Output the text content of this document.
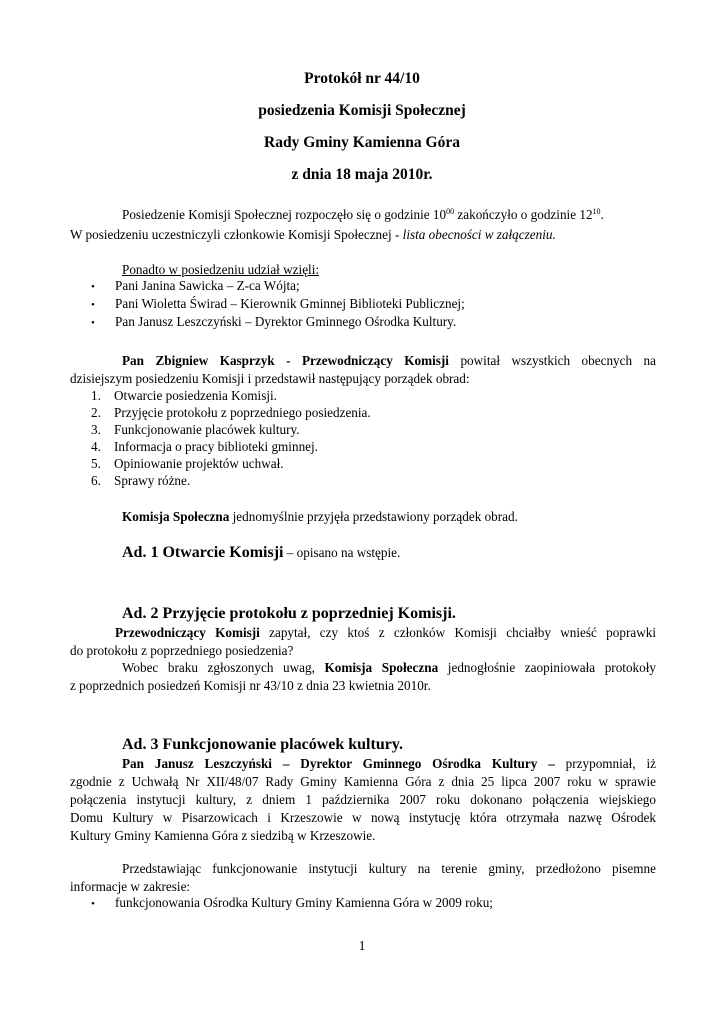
Protokół nr 44/10

posiedzenia Komisji Społecznej

Rady Gminy Kamienna Góra

z dnia 18 maja 2010r.

Posiedzenie Komisji Społecznej rozpoczęło się o godzinie $10^{00}$ zakończyło o godzinie $12^{10}$.
W posiedzeniu uczestniczyli członkowie Komisji Społecznej - lista obecności w załączeniu.
Ponadto w posiedzeniu udział wzięli:
• Pani Janina Sawicka – Z-ca Wójta;
• Pani Wioletta Świrad – Kierownik Gminnej Biblioteki Publicznej;
• Pan Janusz Leszczyński – Dyrektor Gminnego Ośrodka Kultury.
Pan Zbigniew Kasprzyk - Przewodniczący Komisji powitał wszystkich obecnych na
dzisiejszym posiedzeniu Komisji i przedstawił następujący porządek obrad:
1. Otwarcie posiedzenia Komisji.
2. Przyjęcie protokołu z poprzedniego posiedzenia.
3. Funkcjonowanie placówek kultury.
4. Informacja o pracy biblioteki gminnej.
5. Opiniowanie projektów uchwał.
6. Sprawy różne.
Komisja Społeczna jednomyślnie przyjęła przedstawiony porządek obrad.
Ad. 1 Otwarcie Komisji – opisano na wstępie.
Ad. 2 Przyjęcie protokołu z poprzedniej Komisji.
Przewodniczący Komisji zapytał, czy ktoś z członków Komisji chciałby wnieść poprawki
do protokołu z poprzedniego posiedzenia?
Wobec braku zgłoszonych uwag, Komisja Społeczna jednogłośnie zaopiniowała protokoły
z poprzednich posiedzeń Komisji nr 43/10 z dnia 23 kwietnia 2010r.
Ad. 3 Funkcjonowanie placówek kultury.
Pan Janusz Leszczyński – Dyrektor Gminnego Ośrodka Kultury – przypomniał, iż
zgodnie z Uchwałą Nr XII/48/07 Rady Gminy Kamienna Góra z dnia 25 lipca 2007 roku w sprawie
połączenia instytucji kultury, z dniem 1 października 2007 roku dokonano połączenia wiejskiego
Domu Kultury w Pisarzowicach i Krzeszowie w nową instytucję która otrzymała nazwę Ośrodek
Kultury Gminy Kamienna Góra z siedzibą w Krzeszowie.
Przedstawiając funkcjonowanie instytucji kultury na terenie gminy, przedłożono pisemne
informacje w zakresie:
• funkcjonowania Ośrodka Kultury Gminy Kamienna Góra w 2009 roku;
1
